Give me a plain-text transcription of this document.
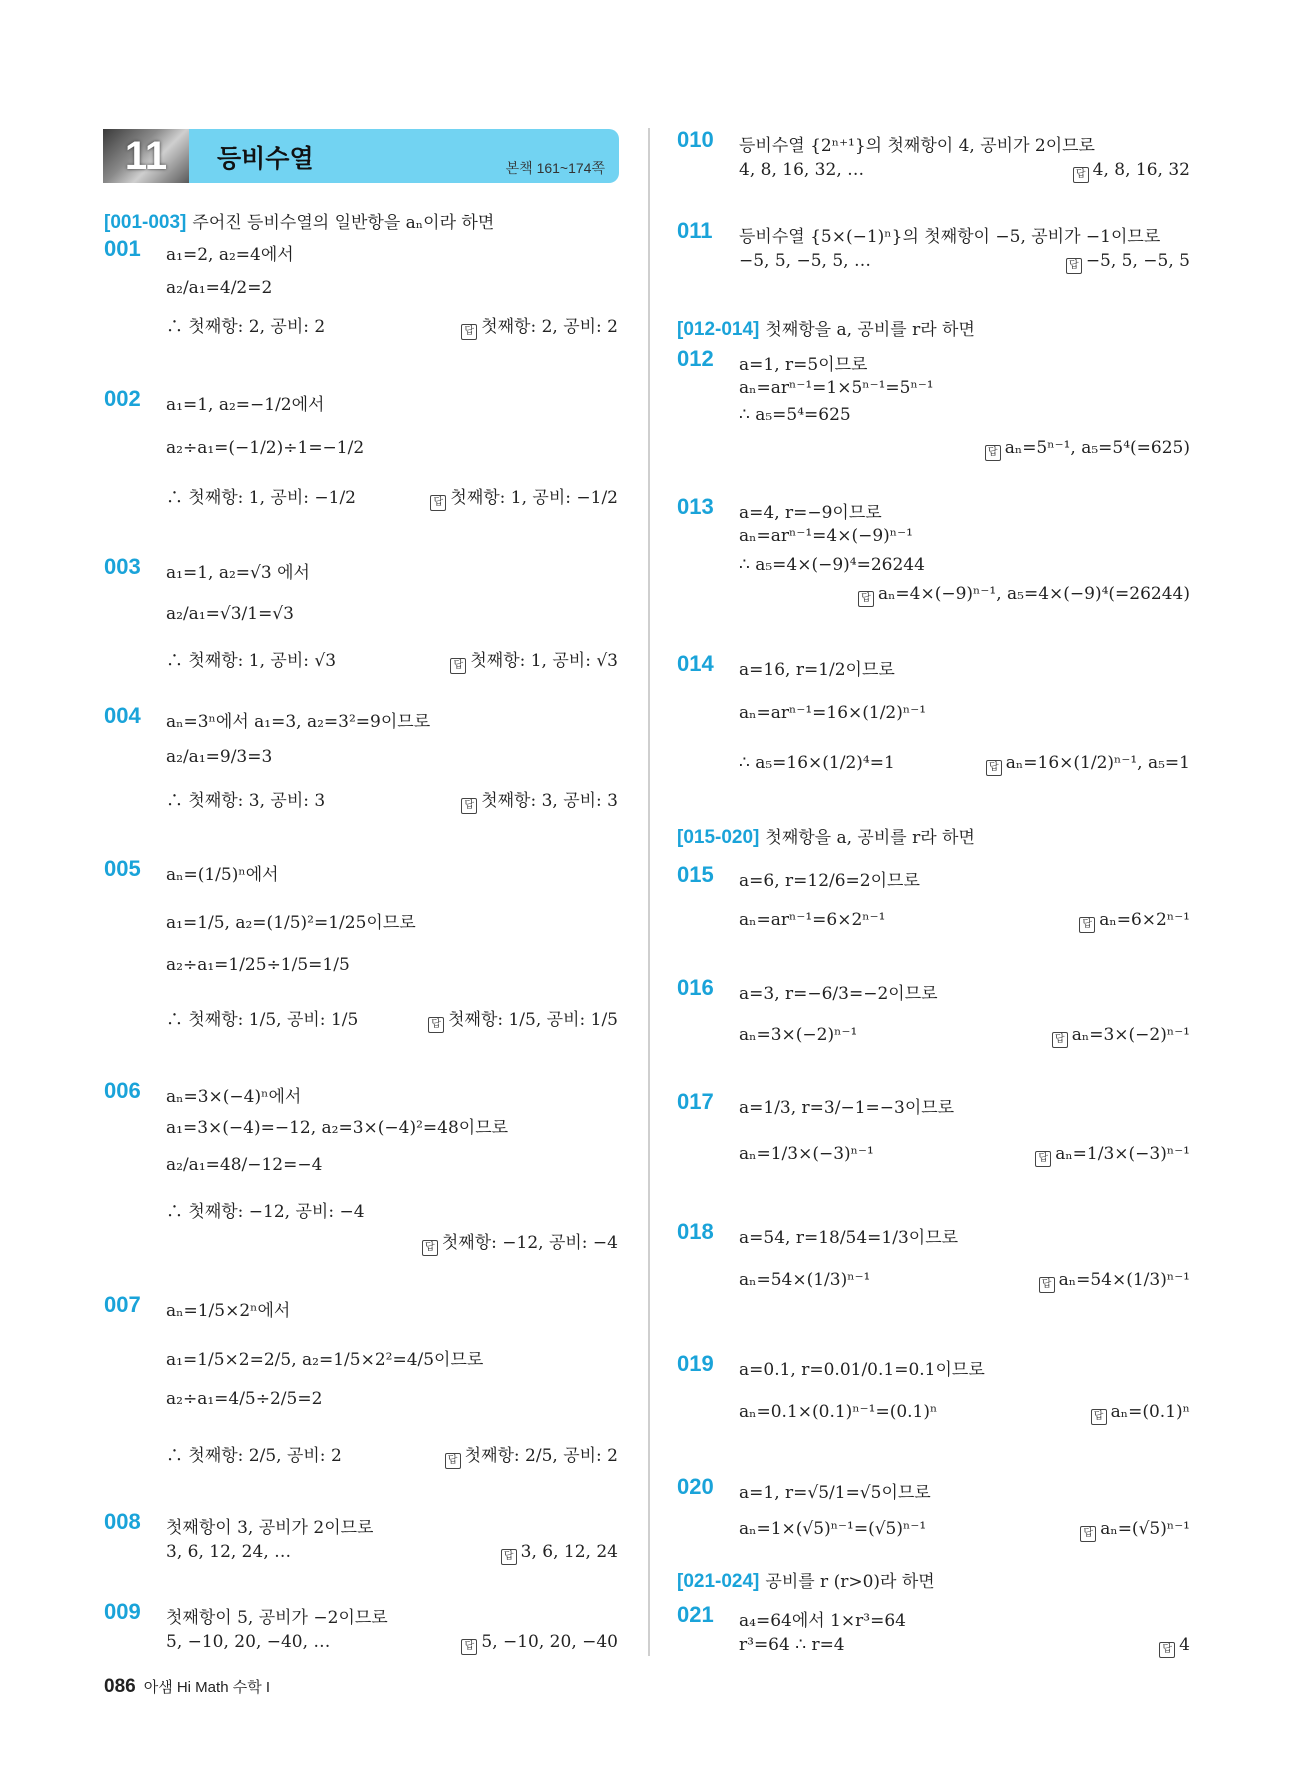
11 등비수열	본책 161~174쪽
[001-003] 주어진 등비수열의 일반항을 aₙ이라 하면
[012-014] 첫째항을 a, 공비를 r라 하면
[015-020] 첫째항을 a, 공비를 r라 하면
[021-024] 공비를 r (r>0)라 하면
001 a₁=2, a₂=4에서
a₂/a₁=4/2=2
∴ 첫째항: 2, 공비: 2	답 첫째항: 2, 공비: 2
002 a₁=1, a₂=−1/2에서
a₂÷a₁=(−1/2)÷1=−1/2
∴ 첫째항: 1, 공비: −1/2	답 첫째항: 1, 공비: −1/2
003 a₁=1, a₂=√3 에서
a₂/a₁=√3/1=√3
∴ 첫째항: 1, 공비: √3	답 첫째항: 1, 공비: √3
004 aₙ=3ⁿ에서 a₁=3, a₂=3²=9이므로
a₂/a₁=9/3=3
∴ 첫째항: 3, 공비: 3	답 첫째항: 3, 공비: 3
005 aₙ=(1/5)ⁿ에서
a₁=1/5, a₂=(1/5)²=1/25이므로
a₂÷a₁=1/25÷1/5=1/5
∴ 첫째항: 1/5, 공비: 1/5	답 첫째항: 1/5, 공비: 1/5
006 aₙ=3×(−4)ⁿ에서
a₁=3×(−4)=−12, a₂=3×(−4)²=48이므로
a₂/a₁=48/−12=−4
∴ 첫째항: −12, 공비: −4
답 첫째항: −12, 공비: −4
007 aₙ=1/5×2ⁿ에서
a₁=1/5×2=2/5, a₂=1/5×2²=4/5이므로
a₂÷a₁=4/5÷2/5=2
∴ 첫째항: 2/5, 공비: 2	답 첫째항: 2/5, 공비: 2
008 첫째항이 3, 공비가 2이므로
3, 6, 12, 24, …	답 3, 6, 12, 24
009 첫째항이 5, 공비가 −2이므로
5, −10, 20, −40, …	답 5, −10, 20, −40
010 등비수열 {2ⁿ⁺¹}의 첫째항이 4, 공비가 2이므로
4, 8, 16, 32, …	답 4, 8, 16, 32
011 등비수열 {5×(−1)ⁿ}의 첫째항이 −5, 공비가 −1이므로
−5, 5, −5, 5, …	답 −5, 5, −5, 5
012 a=1, r=5이므로
aₙ=arⁿ⁻¹=1×5ⁿ⁻¹=5ⁿ⁻¹
∴ a₅=5⁴=625
답 aₙ=5ⁿ⁻¹, a₅=5⁴(=625)
013 a=4, r=−9이므로
aₙ=arⁿ⁻¹=4×(−9)ⁿ⁻¹
∴ a₅=4×(−9)⁴=26244
답 aₙ=4×(−9)ⁿ⁻¹, a₅=4×(−9)⁴(=26244)
014 a=16, r=1/2이므로
aₙ=arⁿ⁻¹=16×(1/2)ⁿ⁻¹
∴ a₅=16×(1/2)⁴=1	답 aₙ=16×(1/2)ⁿ⁻¹, a₅=1
015 a=6, r=12/6=2이므로
aₙ=arⁿ⁻¹=6×2ⁿ⁻¹	답 aₙ=6×2ⁿ⁻¹
016 a=3, r=−6/3=−2이므로
aₙ=3×(−2)ⁿ⁻¹	답 aₙ=3×(−2)ⁿ⁻¹
017 a=1/3, r=3/−1=−3이므로
aₙ=1/3×(−3)ⁿ⁻¹	답 aₙ=1/3×(−3)ⁿ⁻¹
018 a=54, r=18/54=1/3이므로
aₙ=54×(1/3)ⁿ⁻¹	답 aₙ=54×(1/3)ⁿ⁻¹
019 a=0.1, r=0.01/0.1=0.1이므로
aₙ=0.1×(0.1)ⁿ⁻¹=(0.1)ⁿ	답 aₙ=(0.1)ⁿ
020 a=1, r=√5/1=√5이므로
aₙ=1×(√5)ⁿ⁻¹=(√5)ⁿ⁻¹	답 aₙ=(√5)ⁿ⁻¹
021 a₄=64에서 1×r³=64
r³=64 ∴ r=4	답 4
086 아샘 Hi Math 수학 I
